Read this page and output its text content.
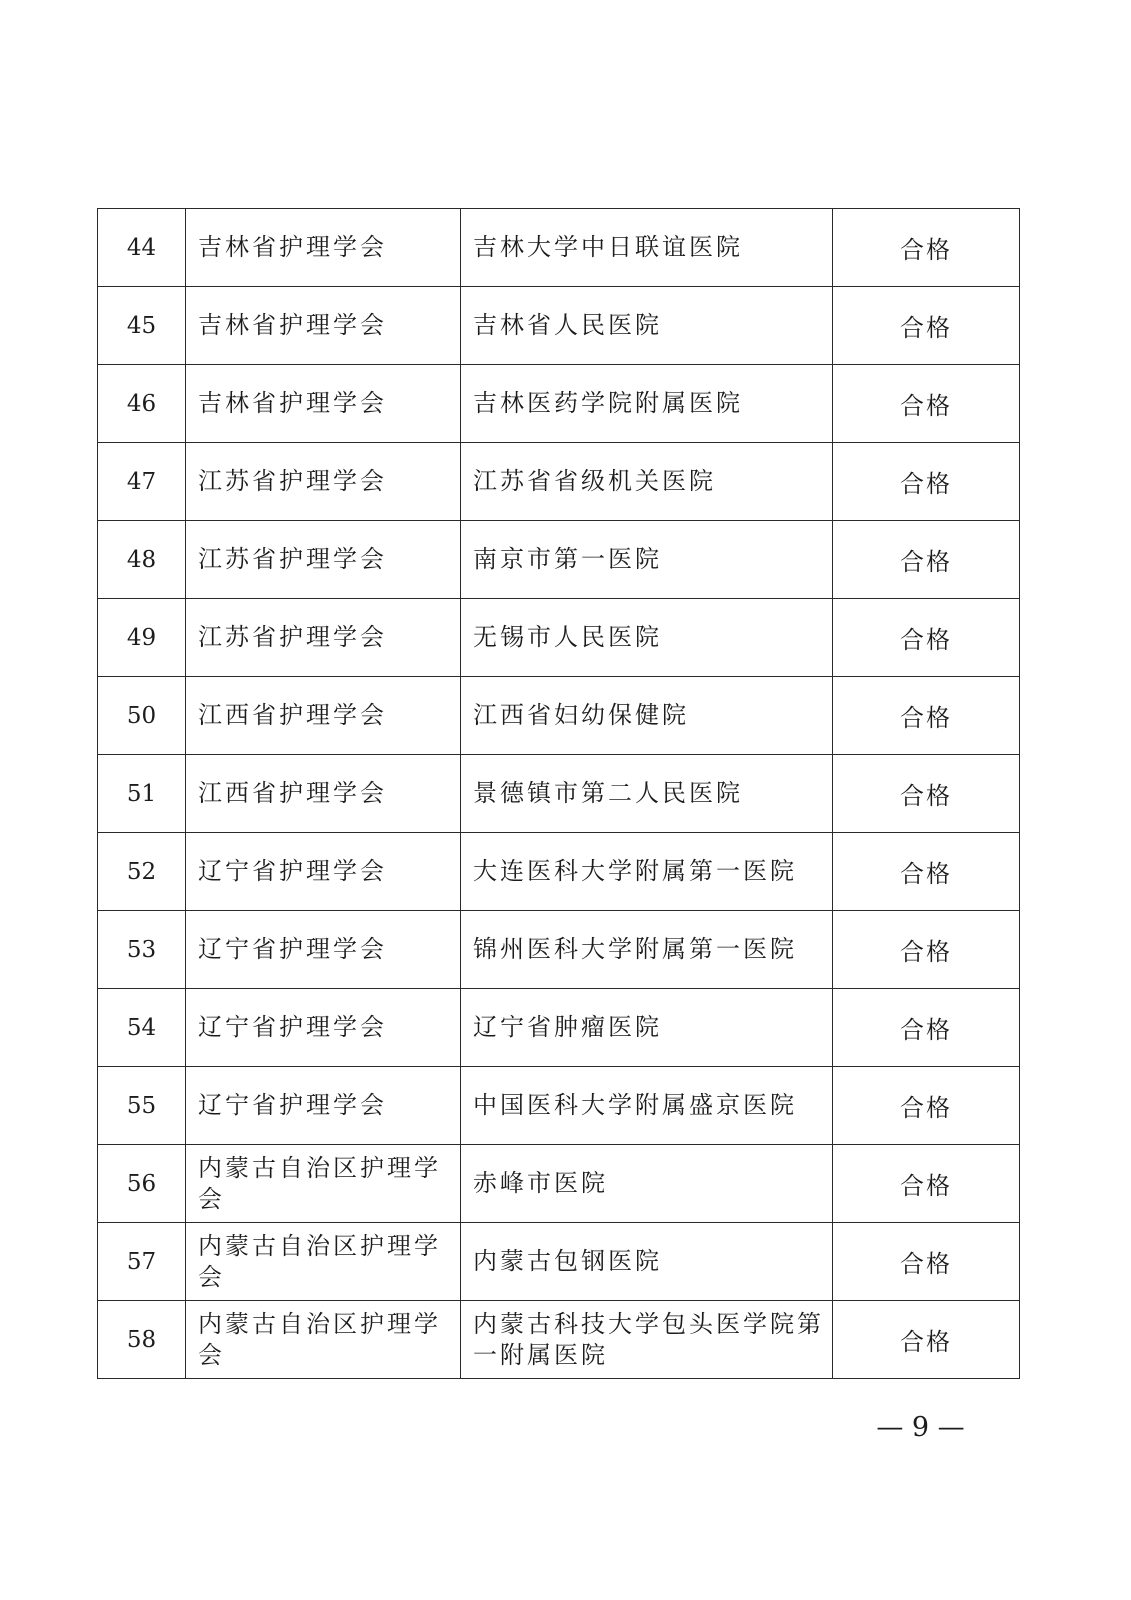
44	吉林省护理学会	吉林大学中日联谊医院	合格
45	吉林省护理学会	吉林省人民医院	合格
46	吉林省护理学会	吉林医药学院附属医院	合格
47	江苏省护理学会	江苏省省级机关医院	合格
48	江苏省护理学会	南京市第一医院	合格
49	江苏省护理学会	无锡市人民医院	合格
50	江西省护理学会	江西省妇幼保健院	合格
51	江西省护理学会	景德镇市第二人民医院	合格
52	辽宁省护理学会	大连医科大学附属第一医院	合格
53	辽宁省护理学会	锦州医科大学附属第一医院	合格
54	辽宁省护理学会	辽宁省肿瘤医院	合格
55	辽宁省护理学会	中国医科大学附属盛京医院	合格
56	内蒙古自治区护理学会	赤峰市医院	合格
57	内蒙古自治区护理学会	内蒙古包钢医院	合格
58	内蒙古自治区护理学会	内蒙古科技大学包头医学院第一附属医院	合格
— 9 —
